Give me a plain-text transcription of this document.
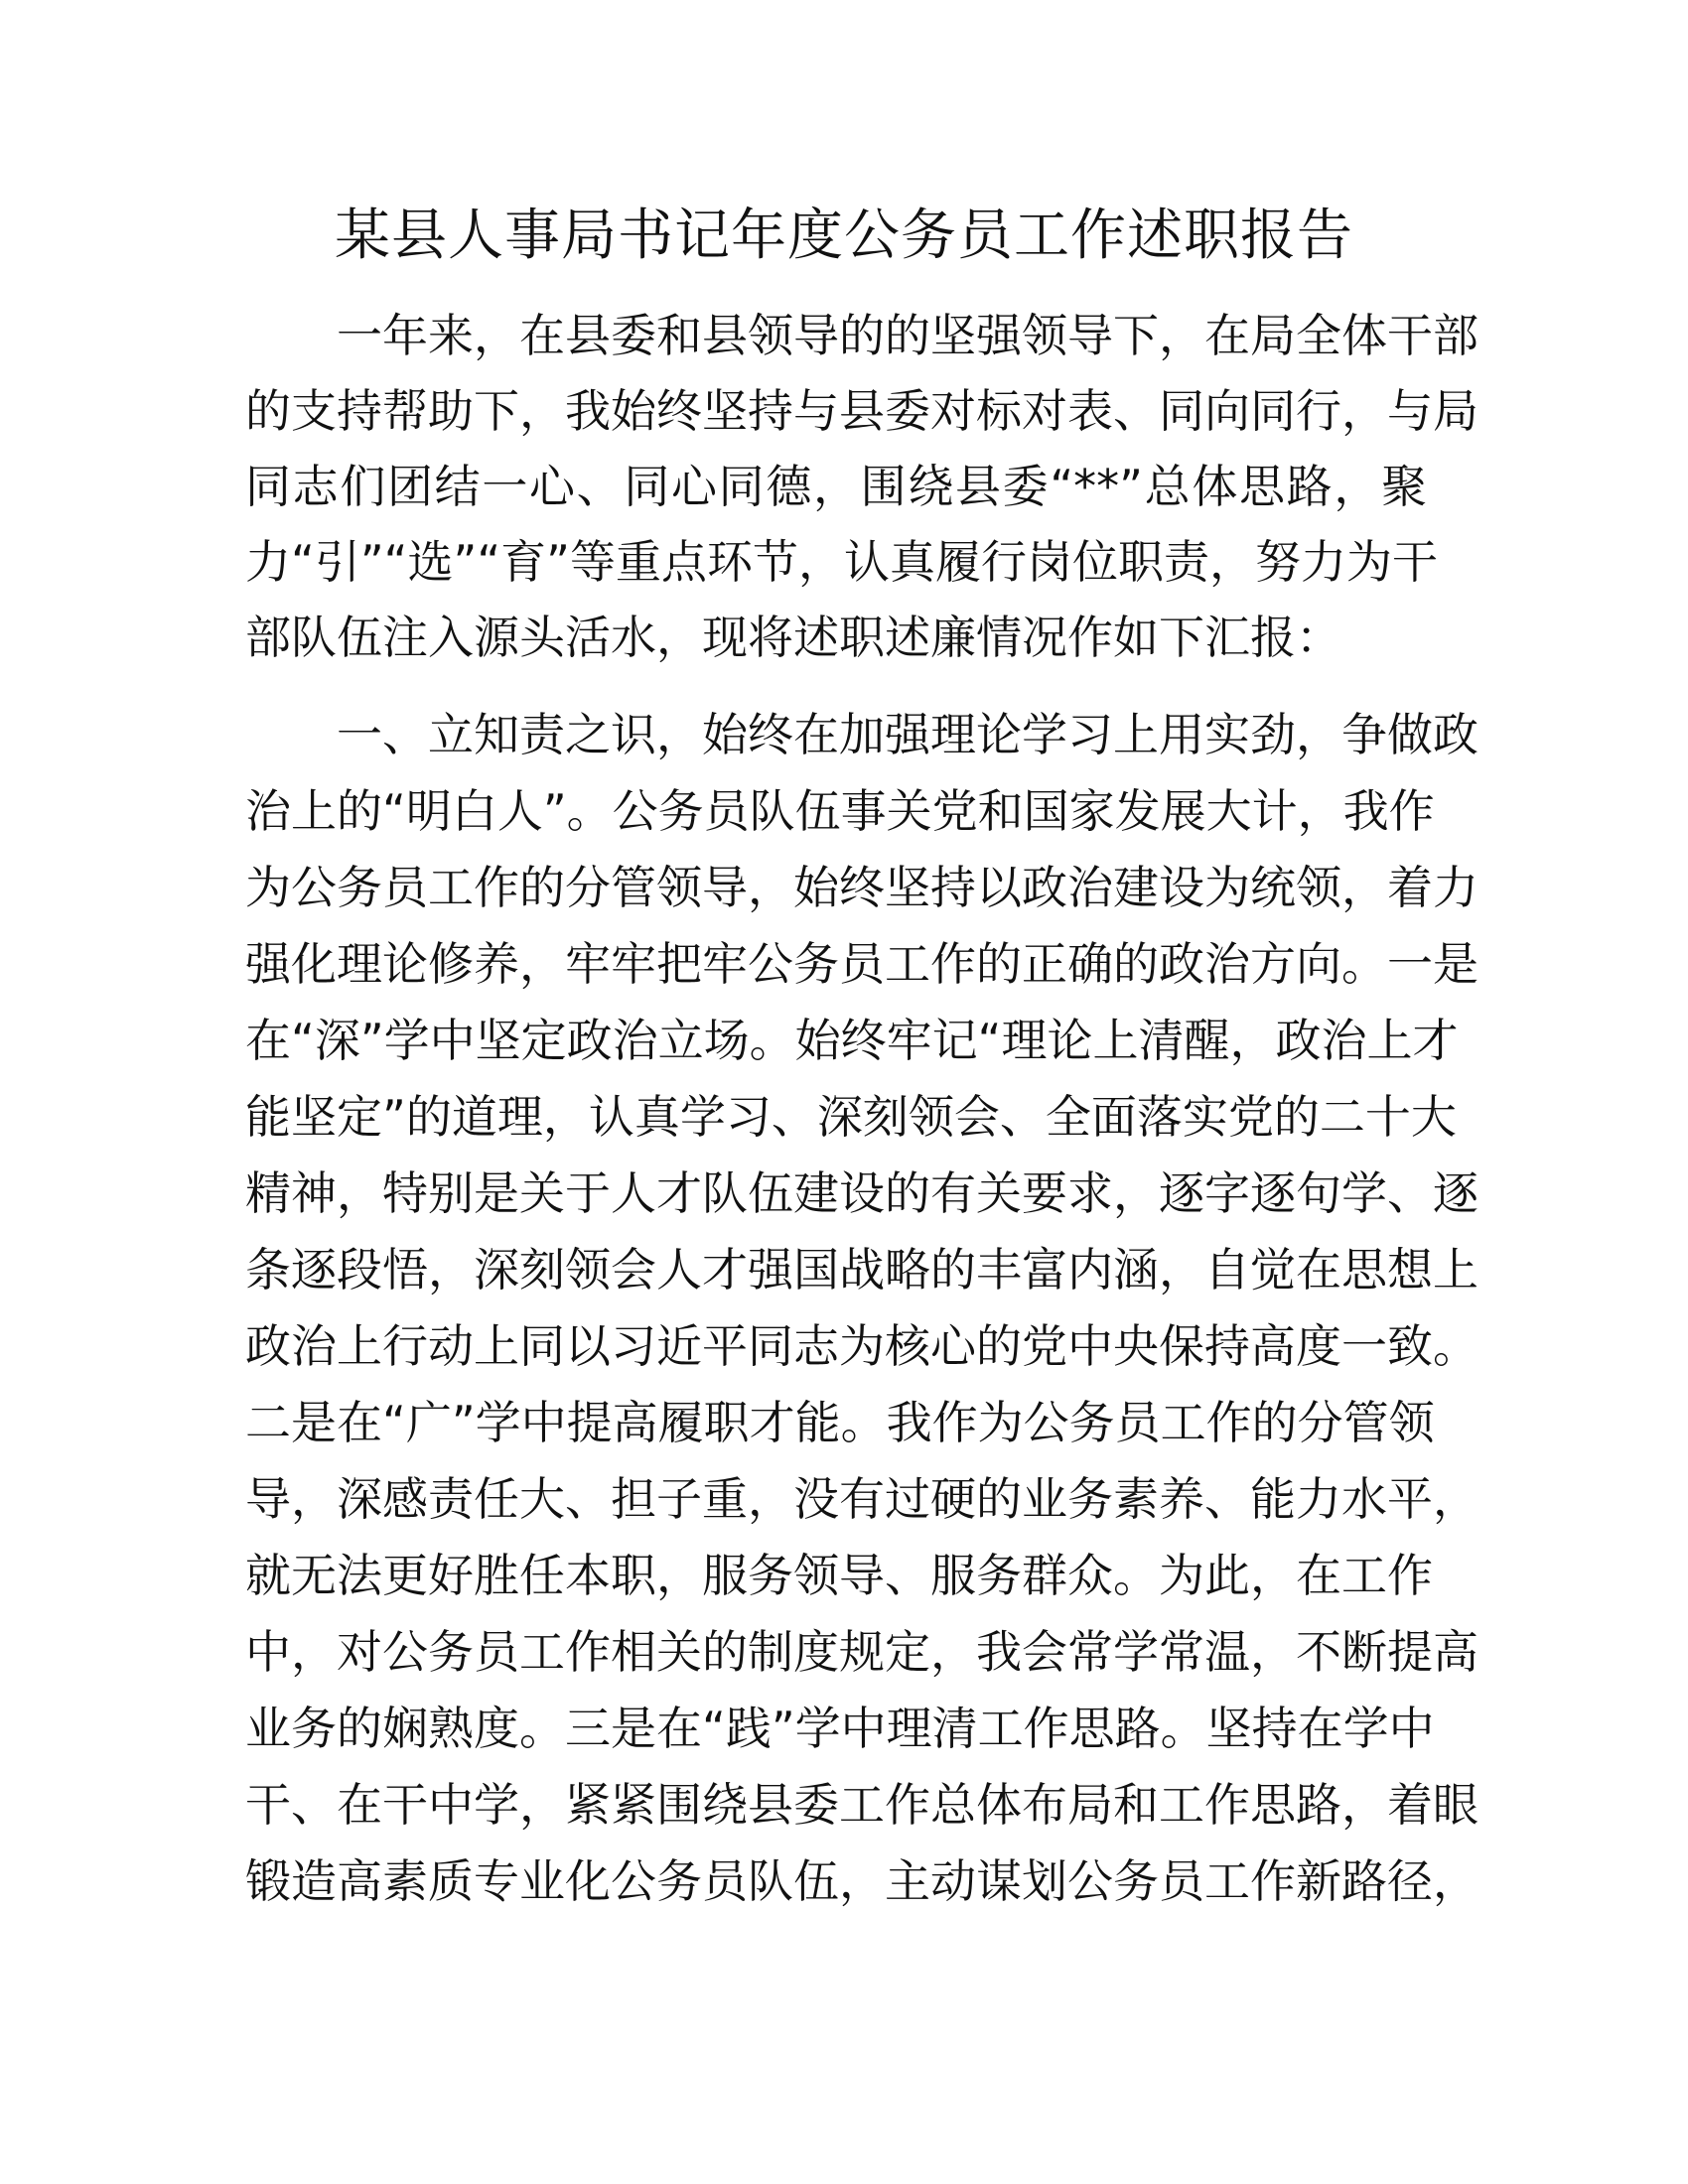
某县人事局书记年度公务员工作述职报告
一年来，在县委和县领导的的坚强领导下，在局全体干部
的支持帮助下，我始终坚持与县委对标对表、同向同行，与局
同志们团结一心、同心同德，围绕县委“**”总体思路，聚
力“引”“选”“育”等重点环节，认真履行岗位职责，努力为干
部队伍注入源头活水，现将述职述廉情况作如下汇报：
一、立知责之识，始终在加强理论学习上用实劲，争做政
治上的“明白人”。公务员队伍事关党和国家发展大计，我作
为公务员工作的分管领导，始终坚持以政治建设为统领，着力
强化理论修养，牢牢把牢公务员工作的正确的政治方向。一是
在“深”学中坚定政治立场。始终牢记“理论上清醒，政治上才
能坚定”的道理，认真学习、深刻领会、全面落实党的二十大
精神，特别是关于人才队伍建设的有关要求，逐字逐句学、逐
条逐段悟，深刻领会人才强国战略的丰富内涵，自觉在思想上
政治上行动上同以习近平同志为核心的党中央保持高度一致。
二是在“广”学中提高履职才能。我作为公务员工作的分管领
导，深感责任大、担子重，没有过硬的业务素养、能力水平，
就无法更好胜任本职，服务领导、服务群众。为此，在工作
中，对公务员工作相关的制度规定，我会常学常温，不断提高
业务的娴熟度。三是在“践”学中理清工作思路。坚持在学中
干、在干中学，紧紧围绕县委工作总体布局和工作思路，着眼
锻造高素质专业化公务员队伍，主动谋划公务员工作新路径，
